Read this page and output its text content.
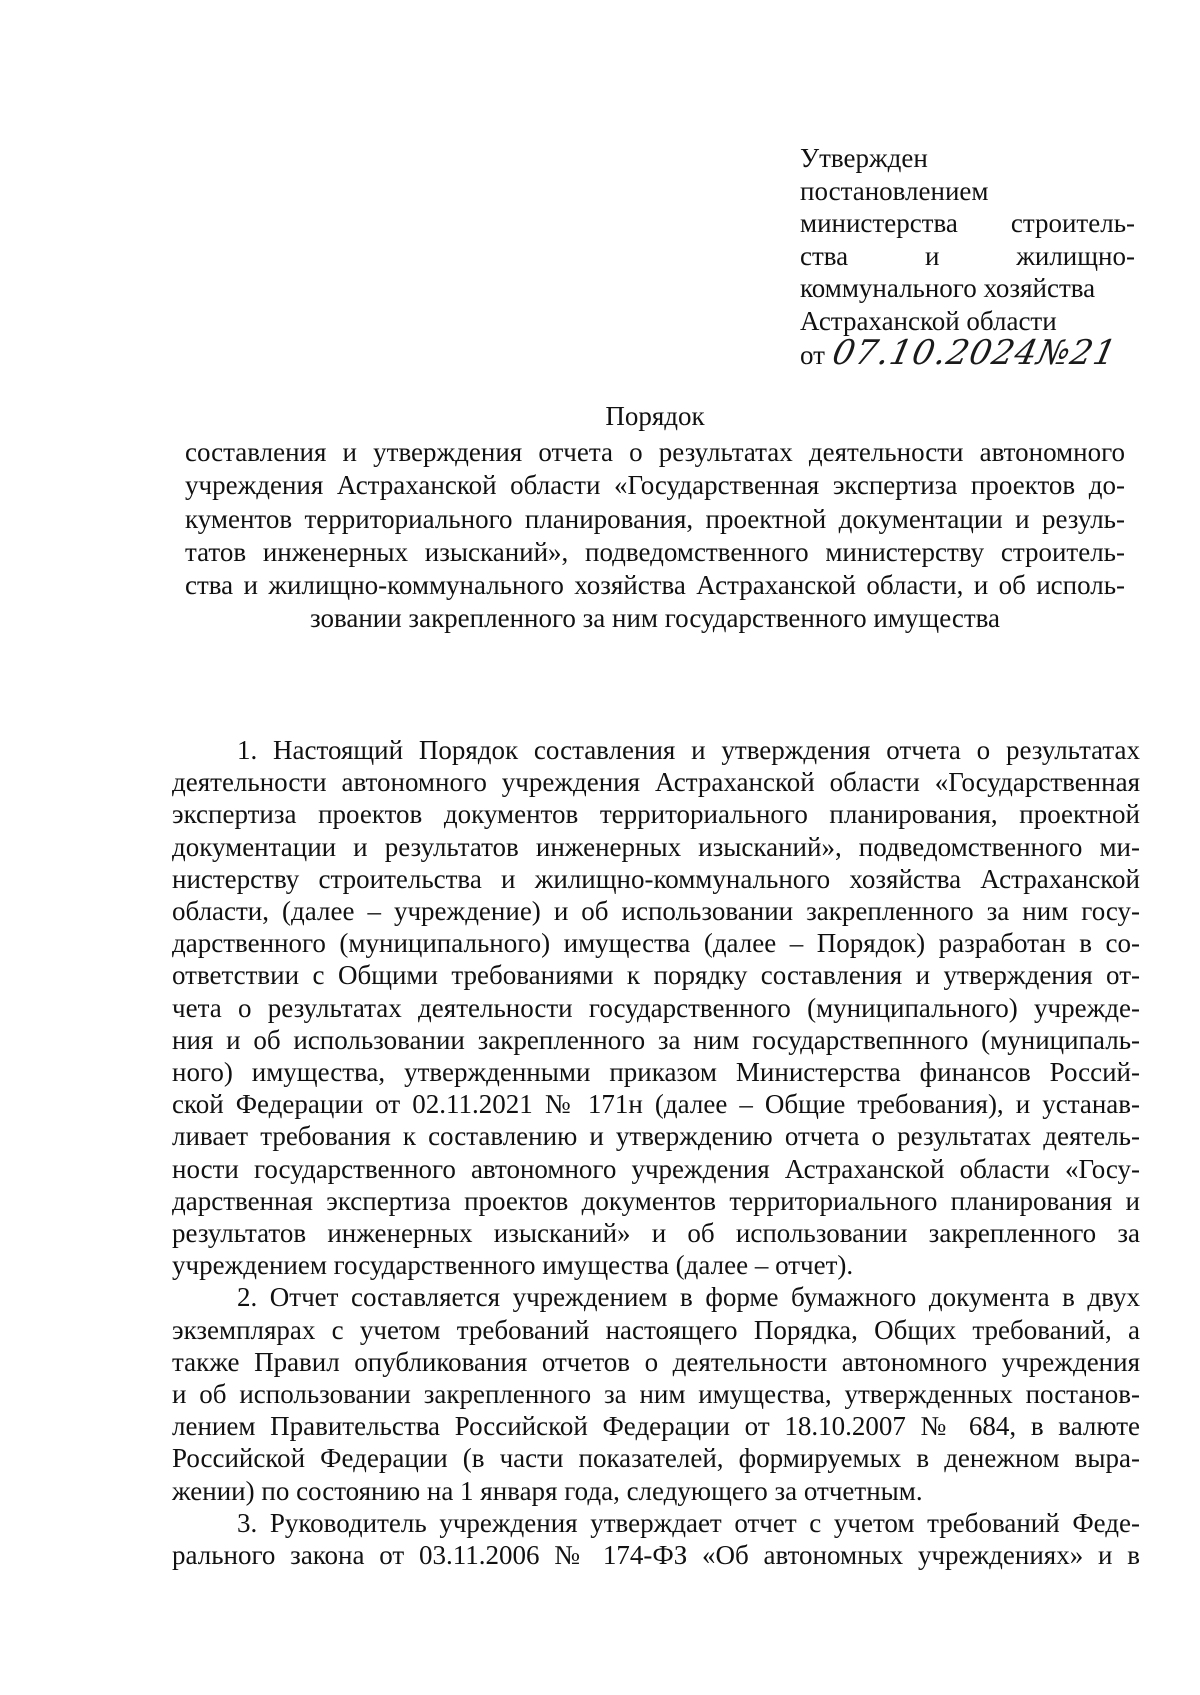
Утвержден
постановлением
министерства строитель-
ства	и	жилищно-
коммунального хозяйства
Астраханской области
от 07.10.2024№21
Порядок
составления и утверждения отчета о результатах деятельности автономного
учреждения Астраханской области «Государственная экспертиза проектов до-
кументов территориального планирования, проектной документации и резуль-
татов инженерных изысканий», подведомственного министерству строитель-
ства и жилищно-коммунального хозяйства Астраханской области, и об исполь-
зовании закрепленного за ним государственного имущества
1. Настоящий Порядок составления и утверждения отчета о результатах
деятельности автономного учреждения Астраханской области «Государственная
экспертиза проектов документов территориального планирования, проектной
документации и результатов инженерных изысканий», подведомственного ми-
нистерству строительства и жилищно-коммунального хозяйства Астраханской
области, (далее – учреждение) и об использовании закрепленного за ним госу-
дарственного (муниципального) имущества (далее – Порядок) разработан в со-
ответствии с Общими требованиями к порядку составления и утверждения от-
чета о результатах деятельности государственного (муниципального) учрежде-
ния и об использовании закрепленного за ним государствепнного (муниципаль-
ного) имущества, утвержденными приказом Министерства финансов Россий-
ской Федерации от 02.11.2021 № 171н (далее – Общие требования), и устанав-
ливает требования к составлению и утверждению отчета о результатах деятель-
ности государственного автономного учреждения Астраханской области «Госу-
дарственная экспертиза проектов документов территориального планирования и
результатов инженерных изысканий» и об использовании закрепленного за
учреждением государственного имущества (далее – отчет).
2. Отчет составляется учреждением в форме бумажного документа в двух
экземплярах с учетом требований настоящего Порядка, Общих требований, а
также Правил опубликования отчетов о деятельности автономного учреждения
и об использовании закрепленного за ним имущества, утвержденных постанов-
лением Правительства Российской Федерации от 18.10.2007 № 684, в валюте
Российской Федерации (в части показателей, формируемых в денежном выра-
жении) по состоянию на 1 января года, следующего за отчетным.
3. Руководитель учреждения утверждает отчет с учетом требований Феде-
рального закона от 03.11.2006 № 174-ФЗ «Об автономных учреждениях» и в
